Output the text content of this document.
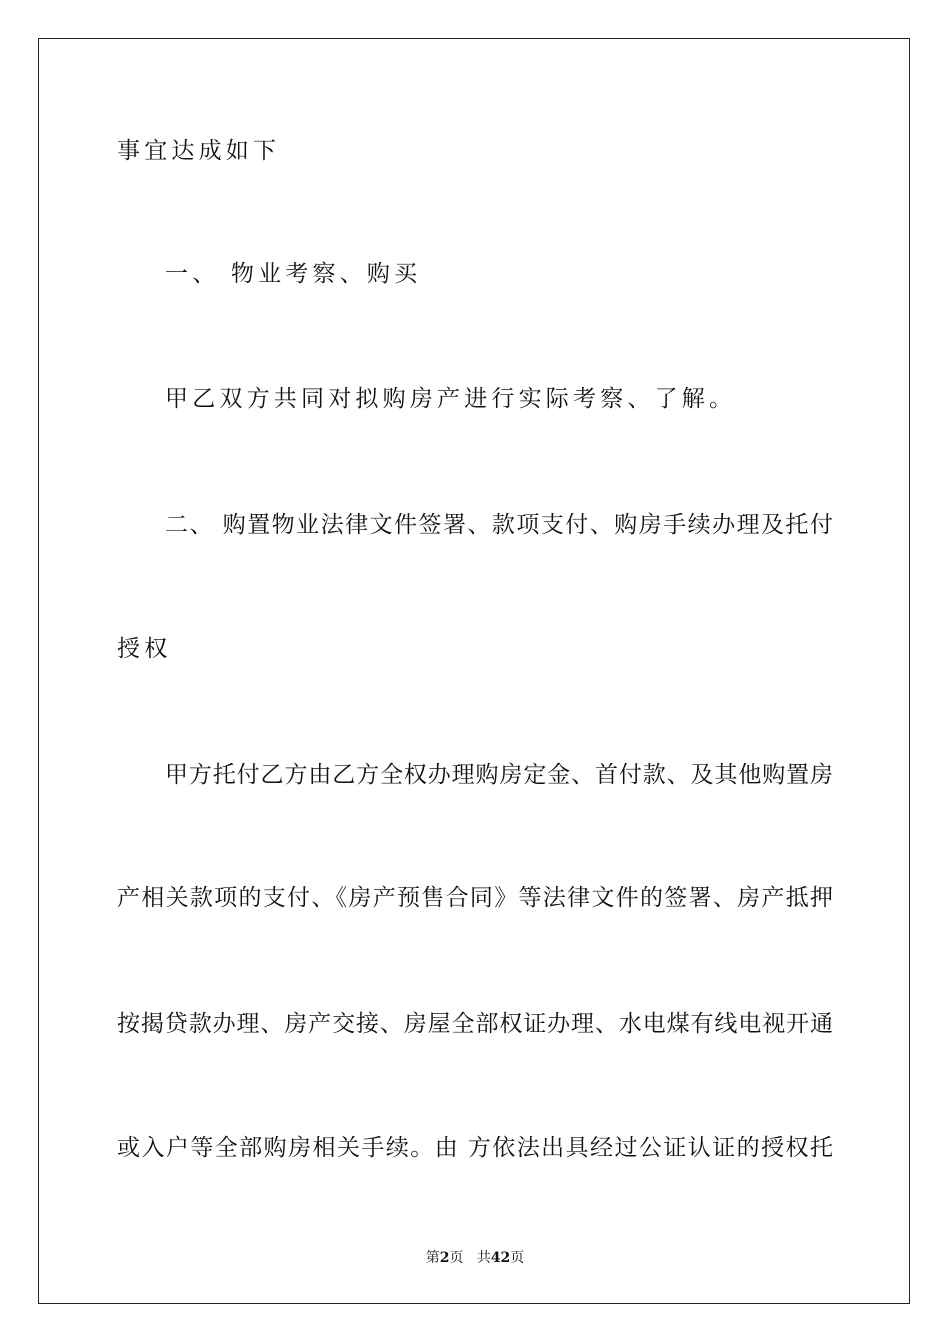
事宜达成如下
一、 物业考察、购买
甲乙双方共同对拟购房产进行实际考察、了解。
二、 购置物业法律文件签署、款项支付、购房手续办理及托付
授权
甲方托付乙方由乙方全权办理购房定金、首付款、及其他购置房
产相关款项的支付、《房产预售合同》等法律文件的签署、房产抵押
按揭贷款办理、房产交接、房屋全部权证办理、水电煤有线电视开通
或入户等全部购房相关手续。由 方依法出具经过公证认证的授权托
第2页 共42页
